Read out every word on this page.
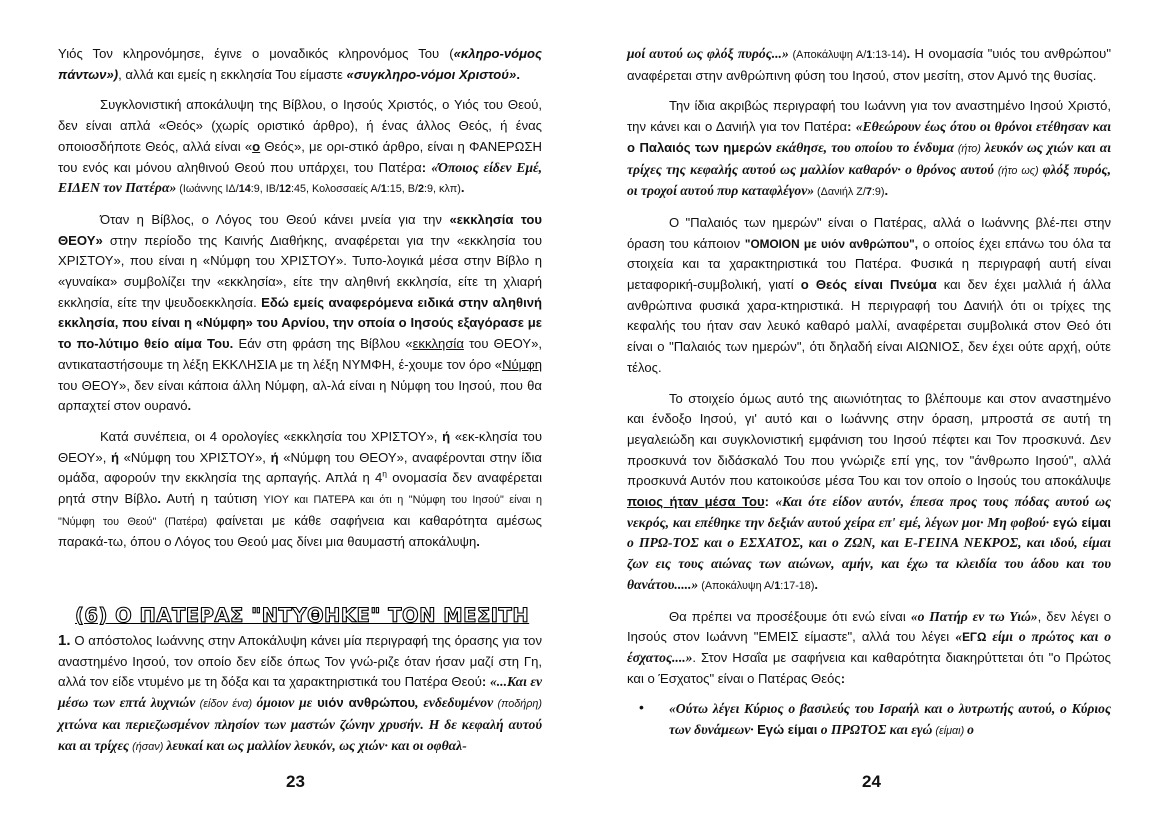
Υιός Τον κληρονόμησε, έγινε ο μοναδικός κληρονόμος Του («κληρο-νόμος πάντων»), αλλά και εμείς η εκκλησία Του είμαστε «συγκληρο-νόμοι Χριστού».

Συγκλονιστική αποκάλυψη της Βίβλου, ο Ιησούς Χριστός, ο Υιός του Θεού, δεν είναι απλά «Θεός» (χωρίς οριστικό άρθρο), ή ένας άλλος Θεός, ή ένας οποιοσδήποτε Θεός, αλλά είναι «ο Θεός», με ορι-στικό άρθρο, είναι η ΦΑΝΕΡΩΣΗ του ενός και μόνου αληθινού Θεού που υπάρχει, του Πατέρα: «Όποιος είδεν Εμέ, ΕΙΔΕΝ τον Πατέρα» (Ιωάννης ΙΔ/14:9, ΙΒ/12:45, Κολοσσαείς Α/1:15, Β/2:9, κλπ).

Όταν η Βίβλος, ο Λόγος του Θεού κάνει μνεία για την «εκκλησία του ΘΕΟΥ» στην περίοδο της Καινής Διαθήκης, αναφέρεται για την «εκκλησία του ΧΡΙΣΤΟΥ», που είναι η «Νύμφη του ΧΡΙΣΤΟΥ». Τυπο-λογικά μέσα στην Βίβλο η «γυναίκα» συμβολίζει την «εκκλησία», είτε την αληθινή εκκλησία, είτε τη χλιαρή εκκλησία, είτε την ψευδοεκκλησία. Εδώ εμείς αναφερόμενα ειδικά στην αληθινή εκκλησία, που είναι η «Νύμφη» του Αρνίου, την οποία ο Ιησούς εξαγόρασε με το πο-λύτιμο θείο αίμα Του. Εάν στη φράση της Βίβλου «εκκλησία του ΘΕΟΥ», αντικαταστήσουμε τη λέξη ΕΚΚΛΗΣΙΑ με τη λέξη ΝΥΜΦΗ, έ-χουμε τον όρο «Νύμφη του ΘΕΟΥ», δεν είναι κάποια άλλη Νύμφη, αλ-λά είναι η Νύμφη του Ιησού, που θα αρπαχτεί στον ουρανό.

Κατά συνέπεια, οι 4 ορολογίες «εκκλησία του ΧΡΙΣΤΟΥ», ή «εκ-κλησία του ΘΕΟΥ», ή «Νύμφη του ΧΡΙΣΤΟΥ», ή «Νύμφη του ΘΕΟΥ», αναφέρονται στην ίδια ομάδα, αφορούν την εκκλησία της αρπαγής. Απλά η $4^\eta$ ονομασία δεν αναφέρεται ρητά στην Βίβλο. Αυτή η ταύτιση ΥΙΟΥ και ΠΑΤΕΡΑ και ότι η "Νύμφη του Ιησού" είναι η "Νύμφη του Θεού" (Πατέρα) φαίνεται με κάθε σαφήνεια και καθαρότητα αμέσως παρακά-τω, όπου ο Λόγος του Θεού μας δίνει μια θαυμαστή αποκάλυψη.

(6) Ο ΠΑΤΕΡΑΣ "ΝΤΥΘΗΚΕ" ΤΟΝ ΜΕΣΙΤΗ

1. Ο απόστολος Ιωάννης στην Αποκάλυψη κάνει μία περιγραφή της όρασης για τον αναστημένο Ιησού, τον οποίο δεν είδε όπως Τον γνώ-ριζε όταν ήσαν μαζί στη Γη, αλλά τον είδε ντυμένο με τη δόξα και τα χαρακτηριστικά του Πατέρα Θεού: «...Και εν μέσω των επτά λυχνιών (είδον ένα) όμοιον με υιόν ανθρώπου, ενδεδυμένον (ποδήρη) χιτώνα και περιεζωσμένον πλησίον των μαστών ζώνην χρυσήν. Η δε κεφαλή αυτού και αι τρίχες (ήσαν) λευκαί και ως μαλλίον λευκόν, ως χιών· και οι οφθαλ-

23

μοί αυτού ως φλόξ πυρός...» (Αποκάλυψη Α/1:13-14). Η ονομασία "υιός του ανθρώπου" αναφέρεται στην ανθρώπινη φύση του Ιησού, στον μεσίτη, στον Αμνό της θυσίας.

Την ίδια ακριβώς περιγραφή του Ιωάννη για τον αναστημένο Ιησού Χριστό, την κάνει και ο Δανιήλ για τον Πατέρα: «Εθεώρουν έως ότου οι θρόνοι ετέθησαν και ο Παλαιός των ημερών εκάθησε, του οποίου το ένδυμα (ήτο) λευκόν ως χιών και αι τρίχες της κεφαλής αυτού ως μαλλίον καθαρόν· ο θρόνος αυτού (ήτο ως) φλόξ πυρός, οι τροχοί αυτού πυρ καταφλέγον» (Δανιήλ Ζ/7:9).

Ο "Παλαιός των ημερών" είναι ο Πατέρας, αλλά ο Ιωάννης βλέ-πει στην όραση του κάποιον "ΟΜΟΙΟΝ με υιόν ανθρώπου", ο οποίος έχει επάνω του όλα τα στοιχεία και τα χαρακτηριστικά του Πατέρα. Φυσικά η περιγραφή αυτή είναι μεταφορική-συμβολική, γιατί ο Θεός είναι Πνεύμα και δεν έχει μαλλιά ή άλλα ανθρώπινα φυσικά χαρα-κτηριστικά. Η περιγραφή του Δανιήλ ότι οι τρίχες της κεφαλής του ήταν σαν λευκό καθαρό μαλλί, αναφέρεται συμβολικά στον Θεό ότι είναι ο "Παλαιός των ημερών", ότι δηλαδή είναι ΑΙΩΝΙΟΣ, δεν έχει ούτε αρχή, ούτε τέλος.

Το στοιχείο όμως αυτό της αιωνιότητας το βλέπουμε και στον αναστημένο και ένδοξο Ιησού, γι' αυτό και ο Ιωάννης στην όραση, μπροστά σε αυτή τη μεγαλειώδη και συγκλονιστική εμφάνιση του Ιησού πέφτει και Τον προσκυνά. Δεν προσκυνά τον διδάσκαλό Του που γνώριζε επί γης, τον "άνθρωπο Ιησού", αλλά προσκυνά Αυτόν που κατοικούσε μέσα Του και τον οποίο ο Ιησούς του αποκάλυψε ποιος ήταν μέσα Του: «Και ότε είδον αυτόν, έπεσα προς τους πόδας αυτού ως νεκρός, και επέθηκε την δεξιάν αυτού χείρα επ' εμέ, λέγων μοι· Μη φοβού· εγώ είμαι ο ΠΡΩ-ΤΟΣ και ο ΕΣΧΑΤΟΣ, και ο ΖΩΝ, και Ε-ΓΕΙΝΑ ΝΕΚΡΟΣ, και ιδού, είμαι ζων εις τους αιώνας των αιώνων, αμήν, και έχω τα κλειδία του άδου και του θανάτου.....» (Αποκάλυψη Α/1:17-18).

Θα πρέπει να προσέξουμε ότι ενώ είναι «ο Πατήρ εν τω Υιώ», δεν λέγει ο Ιησούς στον Ιωάννη "ΕΜΕΙΣ είμαστε", αλλά του λέγει «ΕΓΩ είμι ο πρώτος και ο έσχατος....». Στον Ησαΐα με σαφήνεια και καθαρότητα διακηρύττεται ότι "ο Πρώτος και ο Έσχατος" είναι ο Πατέρας Θεός:

• «Ούτω λέγει Κύριος ο βασιλεύς του Ισραήλ και ο λυτρωτής αυτού, ο Κύριος των δυνάμεων· Εγώ είμαι ο ΠΡΩΤΟΣ και εγώ (είμαι) ο

24
